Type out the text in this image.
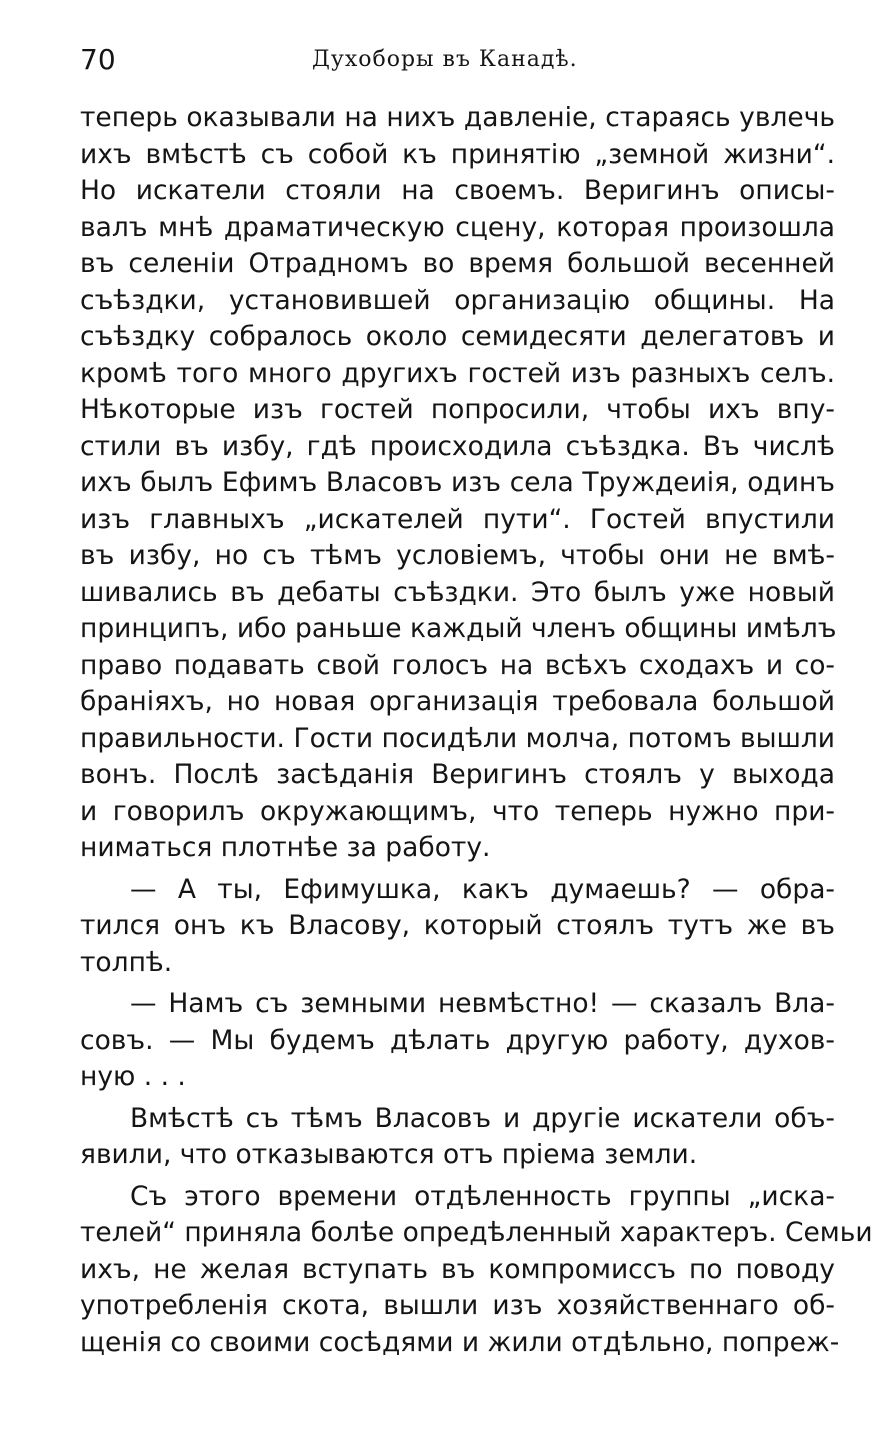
70	Духоборы въ Канадѣ.
теперь оказывали на нихъ давленіе, стараясь увлечь
ихъ вмѣстѣ съ собой къ принятію „земной жизни“.
Но искатели стояли на своемъ. Веригинъ описы-
валъ мнѣ драматическую сцену, которая произошла
въ селеніи Отрадномъ во время большой весенней
съѣздки, установившей организацію общины. На
съѣздку собралось около семидесяти делегатовъ и
кромѣ того много другихъ гостей изъ разныхъ селъ.
Нѣкоторые изъ гостей попросили, чтобы ихъ впу-
стили въ избу, гдѣ происходила съѣздка. Въ числѣ
ихъ былъ Ефимъ Власовъ изъ села Труждеиія, одинъ
изъ главныхъ „искателей пути“. Гостей впустили
въ избу, но съ тѣмъ условіемъ, чтобы они не вмѣ-
шивались въ дебаты съѣздки. Это былъ уже новый
принципъ, ибо раньше каждый членъ общины имѣлъ
право подавать свой голосъ на всѣхъ сходахъ и со-
браніяхъ, но новая организація требовала большой
правильности. Гости посидѣли молча, потомъ вышли
вонъ. Послѣ засѣданія Веригинъ стоялъ у выхода
и говорилъ окружающимъ, что теперь нужно при-
ниматься плотнѣе за работу.
— А ты, Ефимушка, какъ думаешь? — обра-
тился онъ къ Власову, который стоялъ тутъ же въ
толпѣ.
— Намъ съ земными невмѣстно! — сказалъ Вла-
совъ. — Мы будемъ дѣлать другую работу, духов-
ную . . .
Вмѣстѣ съ тѣмъ Власовъ и другіе искатели объ-
явили, что отказываются отъ пріема земли.
Съ этого времени отдѣленность группы „иска-
телей“ приняла болѣе опредѣленный характеръ. Семьи
ихъ, не желая вступать въ компромиссъ по поводу
употребленія скота, вышли изъ хозяйственнаго об-
щенія со своими сосѣдями и жили отдѣльно, попреж-
